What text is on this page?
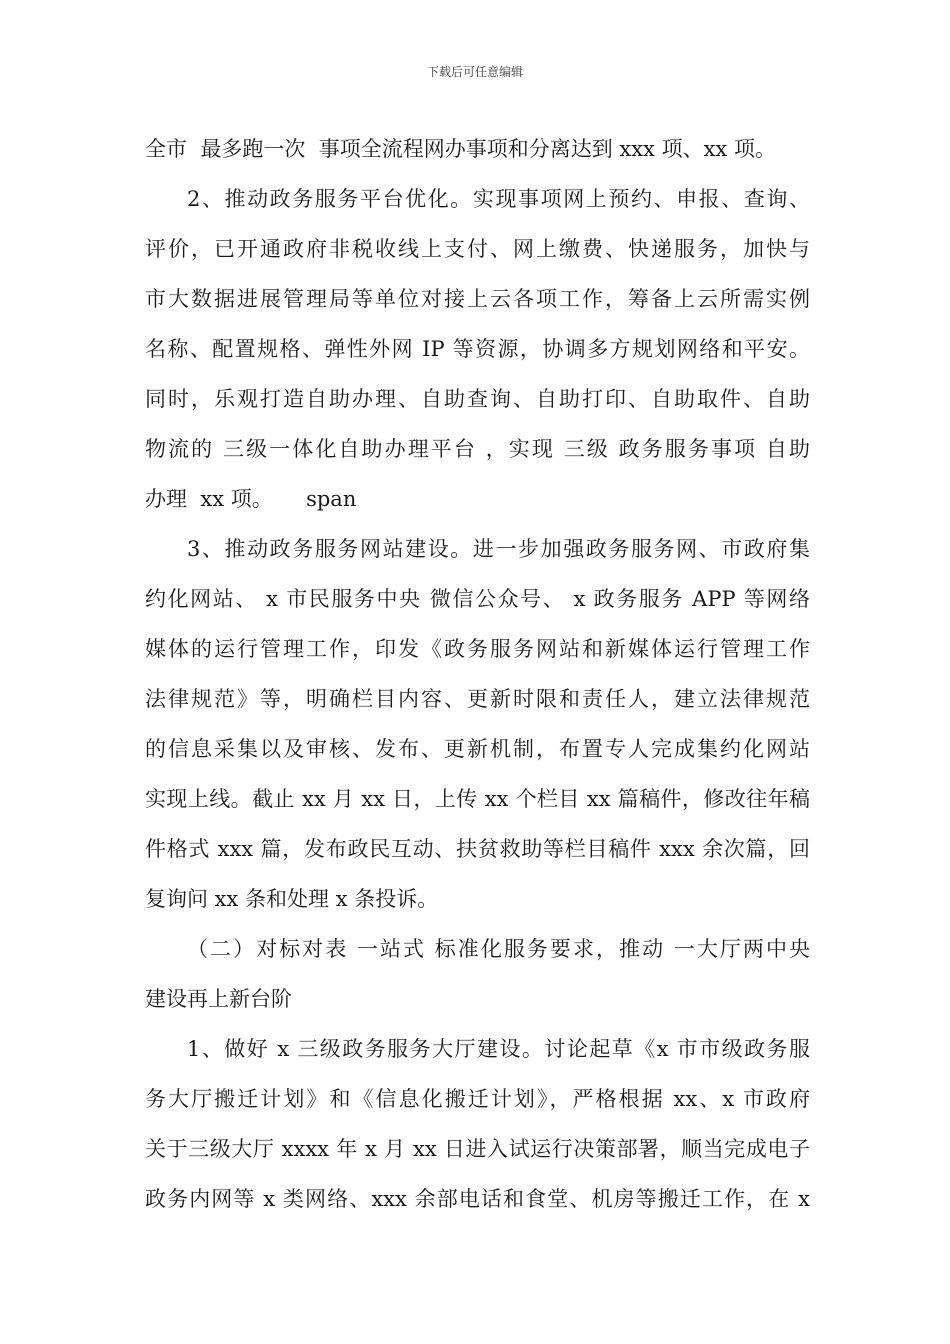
下载后可任意编辑
全市  最多跑一次  事项全流程网办事项和分离达到 xxx 项、xx 项。
2、推动政务服务平台优化。实现事项网上预约、申报、查询、
评价，已开通政府非税收线上支付、网上缴费、快递服务，加快与
市大数据进展管理局等单位对接上云各项工作，筹备上云所需实例
名称、配置规格、弹性外网 IP 等资源，协调多方规划网络和平安。
同时，乐观打造自助办理、自助查询、自助打印、自助取件、自助
物流的 三级一体化自助办理平台 ，实现 三级 政务服务事项 自助
办理  xx 项。     span
3、推动政务服务网站建设。进一步加强政务服务网、市政府集
约化网站、 x 市民服务中央 微信公众号、 x 政务服务 APP 等网络
媒体的运行管理工作，印发《政务服务网站和新媒体运行管理工作
法律规范》等，明确栏目内容、更新时限和责任人，建立法律规范
的信息采集以及审核、发布、更新机制，布置专人完成集约化网站
实现上线。截止 xx 月 xx 日，上传 xx 个栏目 xx 篇稿件，修改往年稿
件格式 xxx 篇，发布政民互动、扶贫救助等栏目稿件 xxx 余次篇，回
复询问 xx 条和处理 x 条投诉。
（二）对标对表 一站式 标准化服务要求，推动 一大厅两中央
建设再上新台阶
1、做好 x 三级政务服务大厅建设。讨论起草《x 市市级政务服
务大厅搬迁计划》和《信息化搬迁计划》，严格根据 xx、x 市政府
关于三级大厅 xxxx 年 x 月 xx 日进入试运行决策部署，顺当完成电子
政务内网等 x 类网络、xxx 余部电话和食堂、机房等搬迁工作，在 x
